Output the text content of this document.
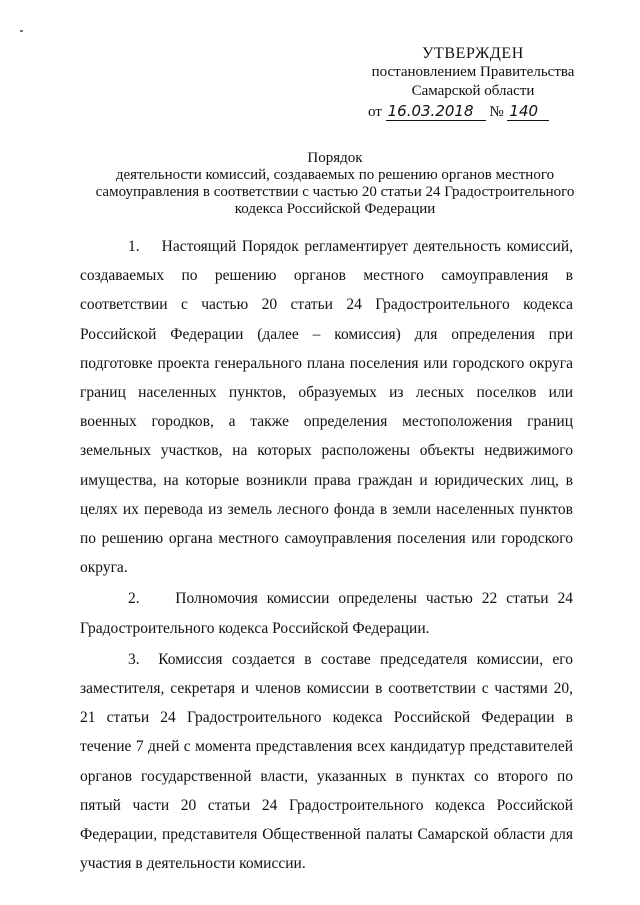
УТВЕРЖДЕН
постановлением Правительства
Самарской области
от 16.03.2018 № 140
Порядок
деятельности комиссий, создаваемых по решению органов местного
самоуправления в соответствии с частью 20 статьи 24 Градостроительного
кодекса Российской Федерации

1.    Настоящий Порядок регламентирует деятельность комиссий, создаваемых по решению органов местного самоуправления в соответствии с частью 20 статьи 24 Градостроительного кодекса Российской Федерации (далее – комиссия) для определения при подготовке проекта генерального плана поселения или городского округа границ населенных пунктов, образуемых из лесных поселков или военных городков, а также определения местоположения границ земельных участков, на которых расположены объекты недвижимого имущества, на которые возникли права граждан и юридических лиц, в целях их перевода из земель лесного фонда в земли населенных пунктов по решению органа местного самоуправления поселения или городского округа.

2.    Полномочия комиссии определены частью 22 статьи 24 Градостроительного кодекса Российской Федерации.

3.  Комиссия создается в составе председателя комиссии, его заместителя, секретаря и членов комиссии в соответствии с частями 20, 21 статьи 24 Градостроительного кодекса Российской Федерации в течение 7 дней с момента представления всех кандидатур представителей органов государственной власти, указанных в пунктах со второго по пятый части 20 статьи 24 Градостроительного кодекса Российской Федерации, представителя Общественной палаты Самарской области для участия в деятельности комиссии.
